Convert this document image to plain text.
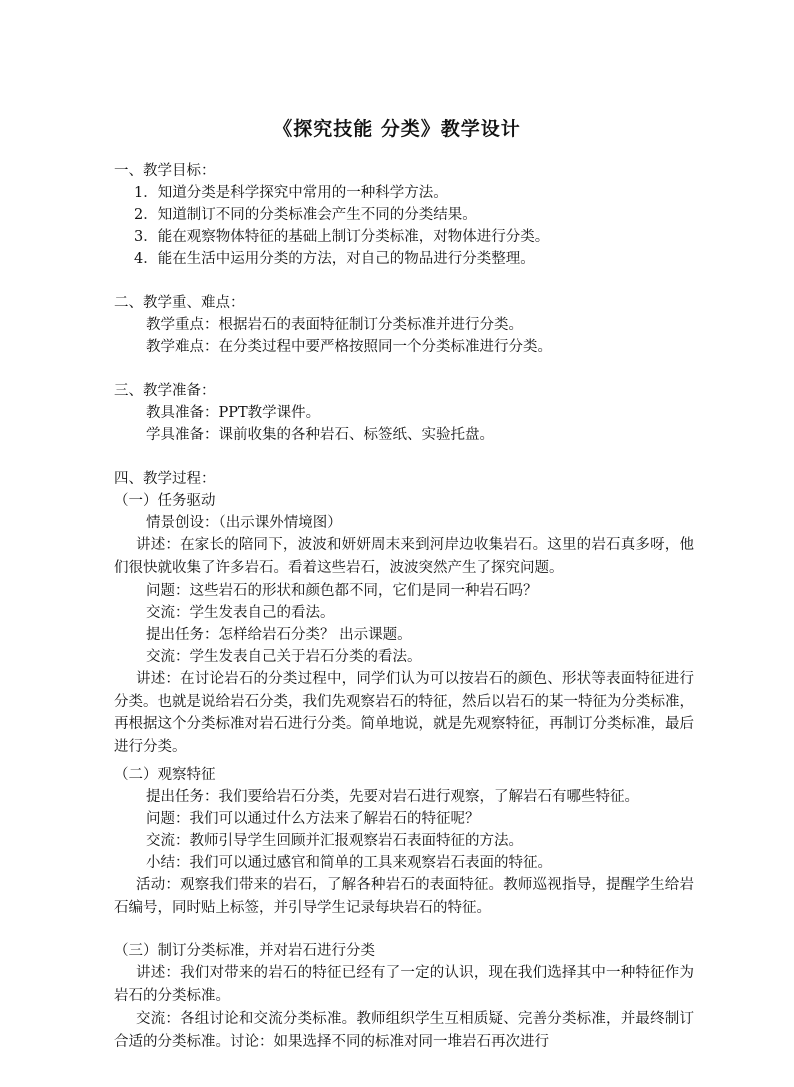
《探究技能 分类》教学设计
一、教学目标：
1．知道分类是科学探究中常用的一种科学方法。
2．知道制订不同的分类标准会产生不同的分类结果。
3．能在观察物体特征的基础上制订分类标准，对物体进行分类。
4．能在生活中运用分类的方法，对自己的物品进行分类整理。
二、教学重、难点：
教学重点：根据岩石的表面特征制订分类标准并进行分类。
教学难点：在分类过程中要严格按照同一个分类标准进行分类。
三、教学准备：
教具准备：PPT教学课件。
学具准备：课前收集的各种岩石、标签纸、实验托盘。
四、教学过程：
（一）任务驱动
情景创设：（出示课外情境图）
讲述：在家长的陪同下，波波和妍妍周末来到河岸边收集岩石。这里的岩石真多呀，他们很快就收集了许多岩石。看着这些岩石，波波突然产生了探究问题。
问题：这些岩石的形状和颜色都不同，它们是同一种岩石吗？
交流：学生发表自己的看法。
提出任务：怎样给岩石分类？ 出示课题。
交流：学生发表自己关于岩石分类的看法。
讲述：在讨论岩石的分类过程中，同学们认为可以按岩石的颜色、形状等表面特征进行分类。也就是说给岩石分类，我们先观察岩石的特征，然后以岩石的某一特征为分类标准，再根据这个分类标准对岩石进行分类。简单地说，就是先观察特征，再制订分类标准，最后进行分类。
（二）观察特征
提出任务：我们要给岩石分类，先要对岩石进行观察，了解岩石有哪些特征。
问题：我们可以通过什么方法来了解岩石的特征呢？
交流：教师引导学生回顾并汇报观察岩石表面特征的方法。
小结：我们可以通过感官和简单的工具来观察岩石表面的特征。
活动：观察我们带来的岩石，了解各种岩石的表面特征。教师巡视指导，提醒学生给岩石编号，同时贴上标签，并引导学生记录每块岩石的特征。
（三）制订分类标准，并对岩石进行分类
讲述：我们对带来的岩石的特征已经有了一定的认识，现在我们选择其中一种特征作为岩石的分类标准。
交流：各组讨论和交流分类标准。教师组织学生互相质疑、完善分类标准，并最终制订合适的分类标准。讨论：如果选择不同的标准对同一堆岩石再次进行
